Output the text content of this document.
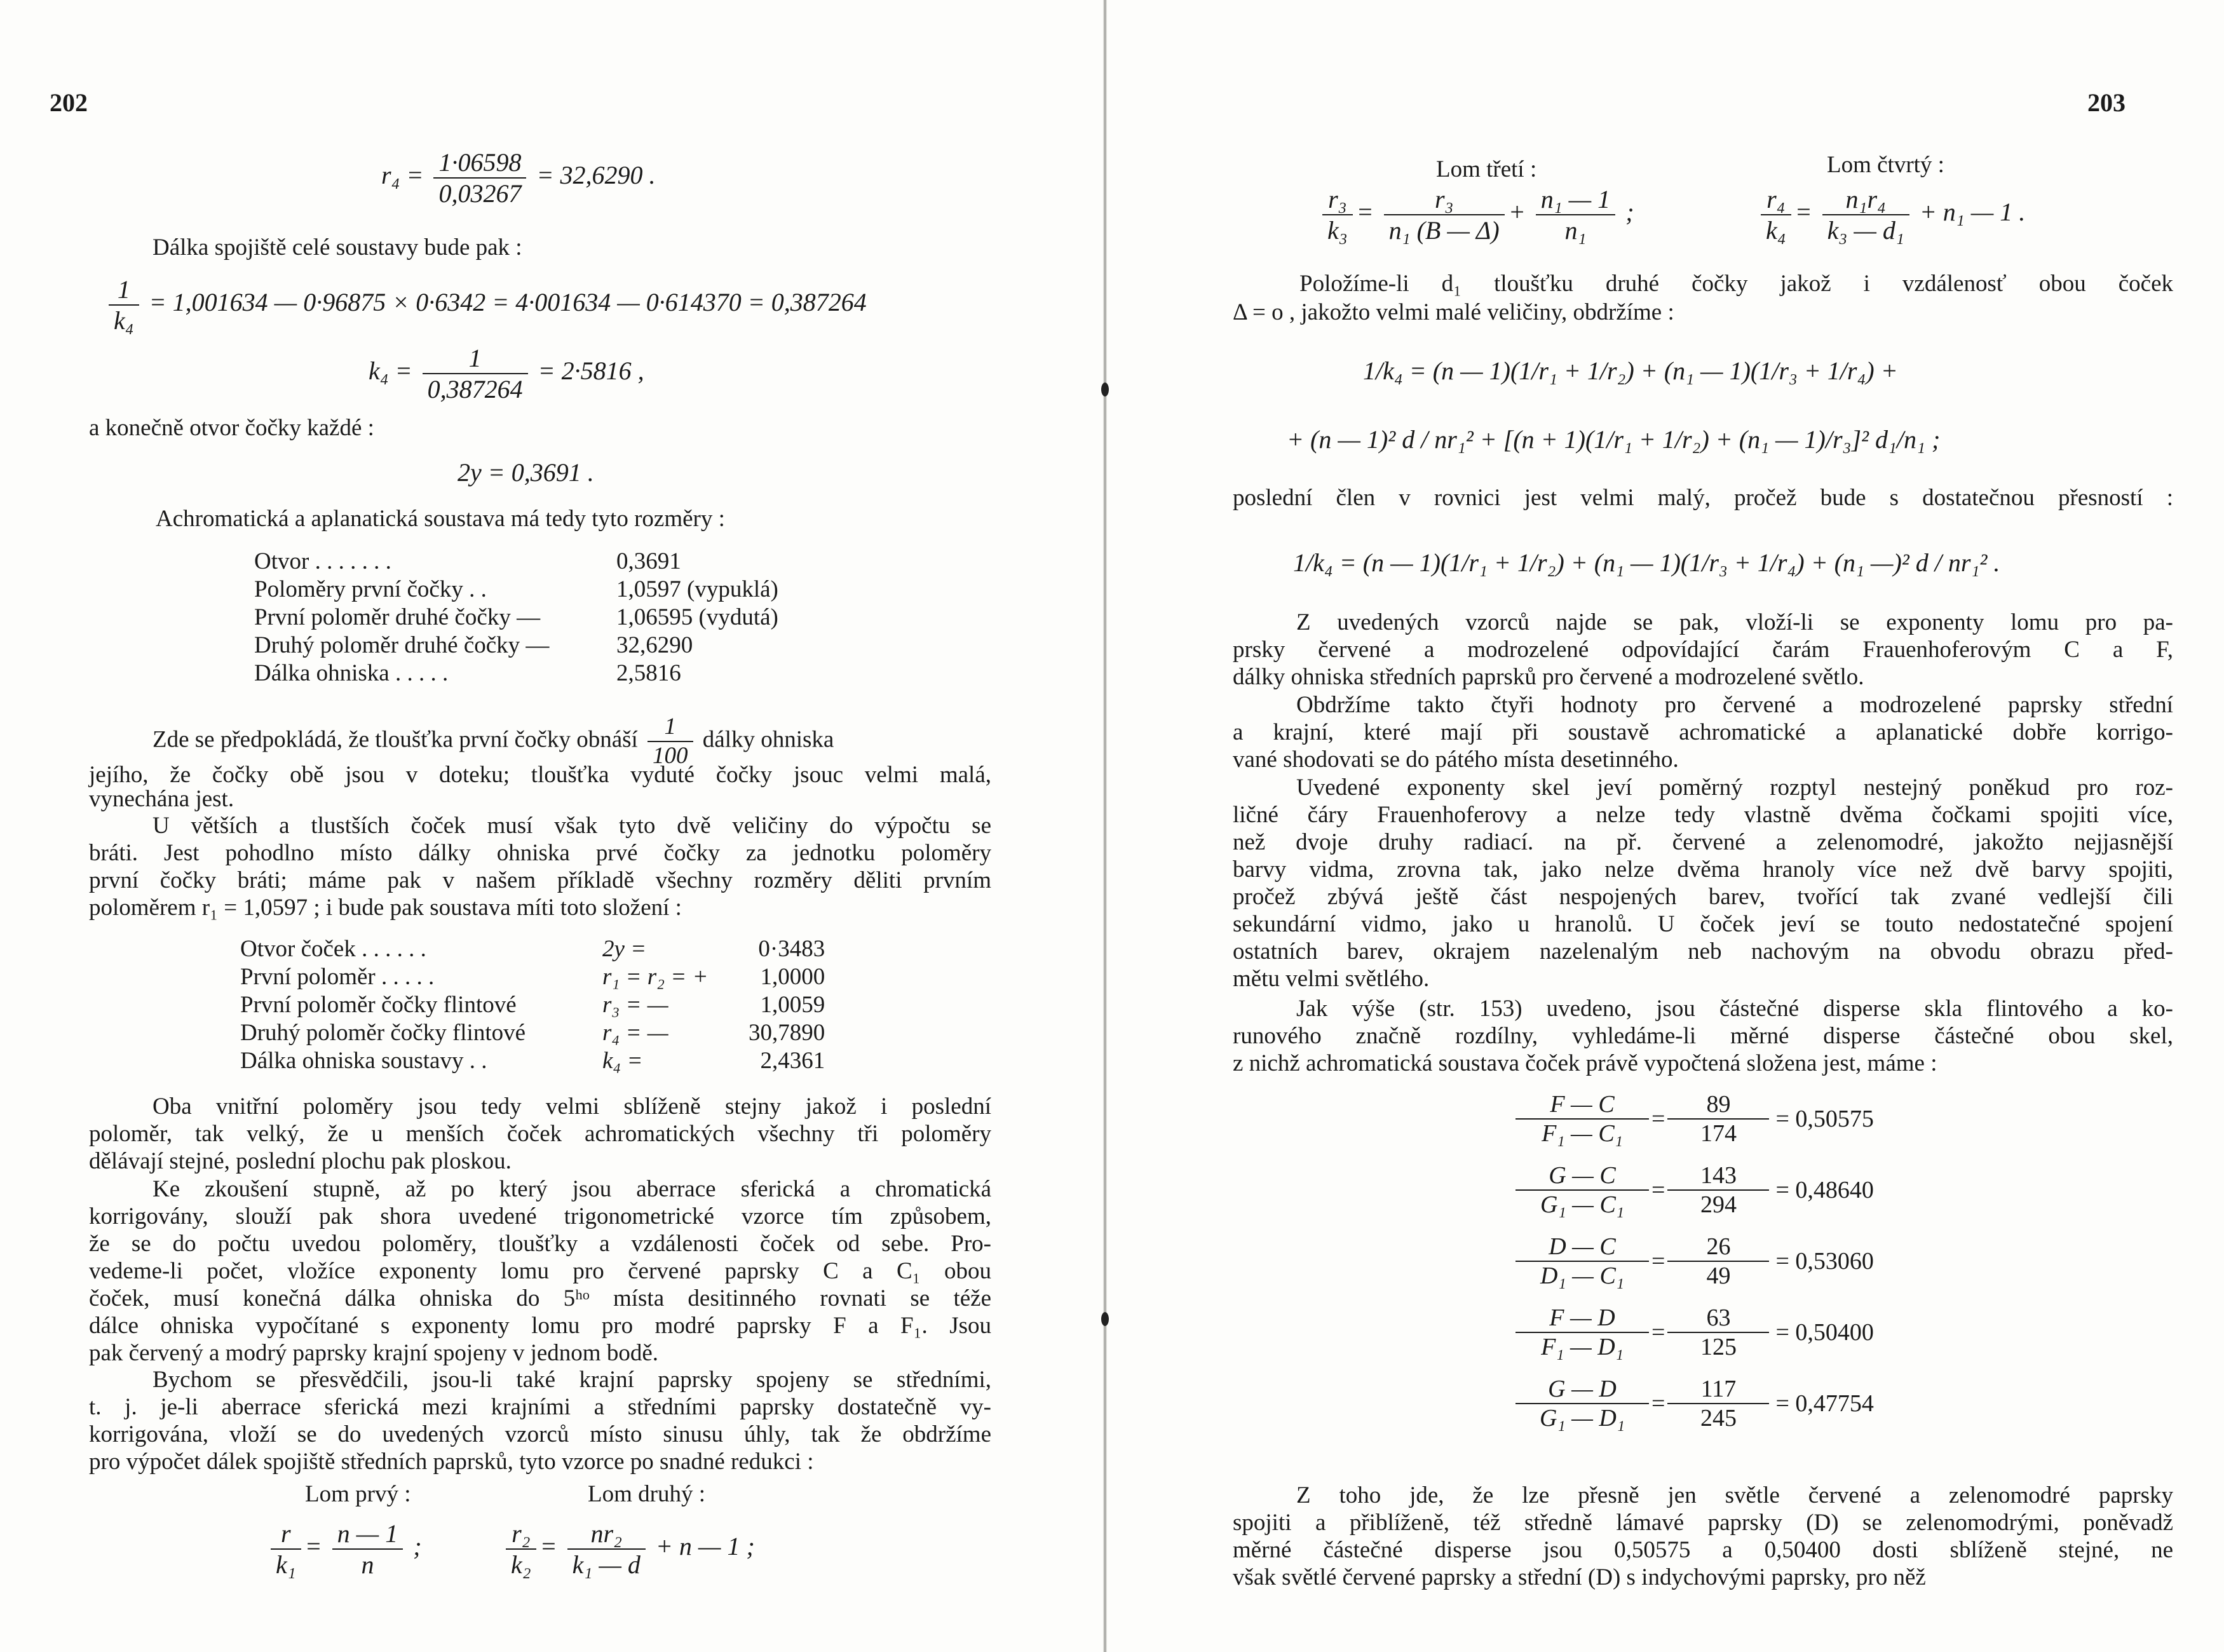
202
$r_4 = \frac{1\cdot 06598}{0,03267} = 32,6290$ .
Dálka spojiště celé soustavy bude pak :
$\frac{1}{\text{k₄}} = 1,001634$ — 0·96875 × 0·6342 = 4·001634 — 0·614370 = 0,387264
$k_4 = \frac{1}{0,387264} = 2\cdot 5816$ ,
a konečně otvor čočky každé :
2y = 0,3691 .
Achromatická a aplanatická soustava má tedy tyto rozměry :
Otvor . . . . . . .	0,3691
Poloměry první čočky . .	1,0597 (vypuklá)
První poloměr druhé čočky —	1,06595 (vydutá)
Druhý poloměr druhé čočky —	32,6290
Dálka ohniska . . . . .	2,5816
Zde se předpokládá, že tloušťka první čočky obnáší $\frac{1}{100}$ dálky ohniska
jejího, že čočky obě jsou v doteku; tloušťka vyduté čočky jsouc velmi malá,
vynechána jest.
U větších a tlustších čoček musí však tyto dvě veličiny do výpočtu se
bráti. Jest pohodlno místo dálky ohniska prvé čočky za jednotku poloměry
první čočky bráti; máme pak v našem příkladě všechny rozměry děliti prvním
poloměrem r₁ = 1,0597 ; i bude pak soustava míti toto složení :
Otvor čoček . . . . . .	2y =	0·3483
První poloměr . . . . .	r₁ = r₂ = +	1,0000
První poloměr čočky flintové	r₃ = —	1,0059
Druhý poloměr čočky flintové	r₄ = —	30,7890
Dálka ohniska soustavy . .	k₄ =	2,4361
Oba vnitřní poloměry jsou tedy velmi sblíženě stejny jakož i poslední
poloměr, tak velký, že u menších čoček achromatických všechny tři poloměry
dělávají stejné, poslední plochu pak ploskou.
Ke zkoušení stupně, až po který jsou aberrace sferická a chromatická
korrigovány, slouží pak shora uvedené trigonometrické vzorce tím způsobem,
že se do počtu uvedou poloměry, tloušťky a vzdálenosti čoček od sebe. Pro-
vedeme-li počet, vložíce exponenty lomu pro červené paprsky C a C₁ obou
čoček, musí konečná dálka ohniska do 5ʰᵒ místa desitinného rovnati se téže
dálce ohniska vypočítané s exponenty lomu pro modré paprsky F a F₁. Jsou
pak červený a modrý paprsky krajní spojeny v jednom bodě.
Bychom se přesvědčili, jsou-li také krajní paprsky spojeny se středními,
t. j. je-li aberrace sferická mezi krajními a středními paprsky dostatečně vy-
korrigována, vloží se do uvedených vzorců místo sinusu úhly, tak že obdržíme
pro výpočet dálek spojiště středních paprsků, tyto vzorce po snadné redukci :
Lom prvý :	Lom druhý :
$\frac{r}{\text{k₁}} = \frac{n — 1}{n}$ ;	$\frac{\text{r₂}}{\text{k₂}} = \frac{\text{nr₂}}{\text{k₁ — d}} + n$ — 1 ;
203
Lom třetí :	Lom čtvrtý :
$\frac{\text{r₃}}{\text{k₃}} = \frac{\text{r₃}}{\text{n₁ (B — Δ)}} + \frac{\text{n₁ — 1}}{\text{n₁}}$ ;	$\frac{\text{r₄}}{\text{k₄}} = \frac{\text{n₁r₄}}{\text{k₃ — d₁}} + n_1$ — 1 .
Položíme-li d₁ tloušťku druhé čočky jakož i vzdálenosť obou čoček
Δ = o , jakožto velmi malé veličiny, obdržíme :
1/k₄ = (n — 1)(1/r₁ + 1/r₂) + (n₁ — 1)(1/r₃ + 1/r₄) +
+ (n — 1)² d / nr₁² + [(n + 1)(1/r₁ + 1/r₂) + (n₁ — 1)/r₃]² d₁/n₁ ;
poslední člen v rovnici jest velmi malý, pročež bude s dostatečnou přesností :
1/k₄ = (n — 1)(1/r₁ + 1/r₂) + (n₁ — 1)(1/r₃ + 1/r₄) + (n₁ —)² d / nr₁² .
Z uvedených vzorců najde se pak, vloží-li se exponenty lomu pro pa-
prsky červené a modrozelené odpovídající čarám Frauenhoferovým C a F,
dálky ohniska středních paprsků pro červené a modrozelené světlo.
Obdržíme takto čtyři hodnoty pro červené a modrozelené paprsky střední
a krajní, které mají při soustavě achromatické a aplanatické dobře korrigo-
vané shodovati se do pátého místa desetinného.
Uvedené exponenty skel jeví poměrný rozptyl nestejný poněkud pro roz-
ličné čáry Frauenhoferovy a nelze tedy vlastně dvěma čočkami spojiti více,
než dvoje druhy radiací. na př. červené a zelenomodré, jakožto nejjasnější
barvy vidma, zrovna tak, jako nelze dvěma hranoly více než dvě barvy spojiti,
pročež zbývá ještě část nespojených barev, tvořící tak zvané vedlejší čili
sekundární vidmo, jako u hranolů. U čoček jeví se touto nedostatečné spojení
ostatních barev, okrajem nazelenalým neb nachovým na obvodu obrazu před-
mětu velmi světlého.
Jak výše (str. 153) uvedeno, jsou částečné disperse skla flintového a ko-
runového značně rozdílny, vyhledáme-li měrné disperse částečné obou skel,
z nichž achromatická soustava čoček právě vypočtená složena jest, máme :
$\frac{F — C}{\text{F₁ — C₁}} = \frac{89}{174} = 0,50575$
$\frac{G — C}{\text{G₁ — C₁}} = \frac{143}{294} = 0,48640$
$\frac{D — C}{\text{D₁ — C₁}} = \frac{26}{49} = 0,53060$
$\frac{F — D}{\text{F₁ — D₁}} = \frac{63}{125} = 0,50400$
$\frac{G — D}{\text{G₁ — D₁}} = \frac{117}{245} = 0,47754$
Z toho jde, že lze přesně jen světle červené a zelenomodré paprsky
spojiti a přiblíženě, též středně lámavé paprsky (D) se zelenomodrými, poněvadž
měrné částečné disperse jsou 0,50575 a 0,50400 dosti sblíženě stejné, ne
však světlé červené paprsky a střední (D) s indychovými paprsky, pro něž
